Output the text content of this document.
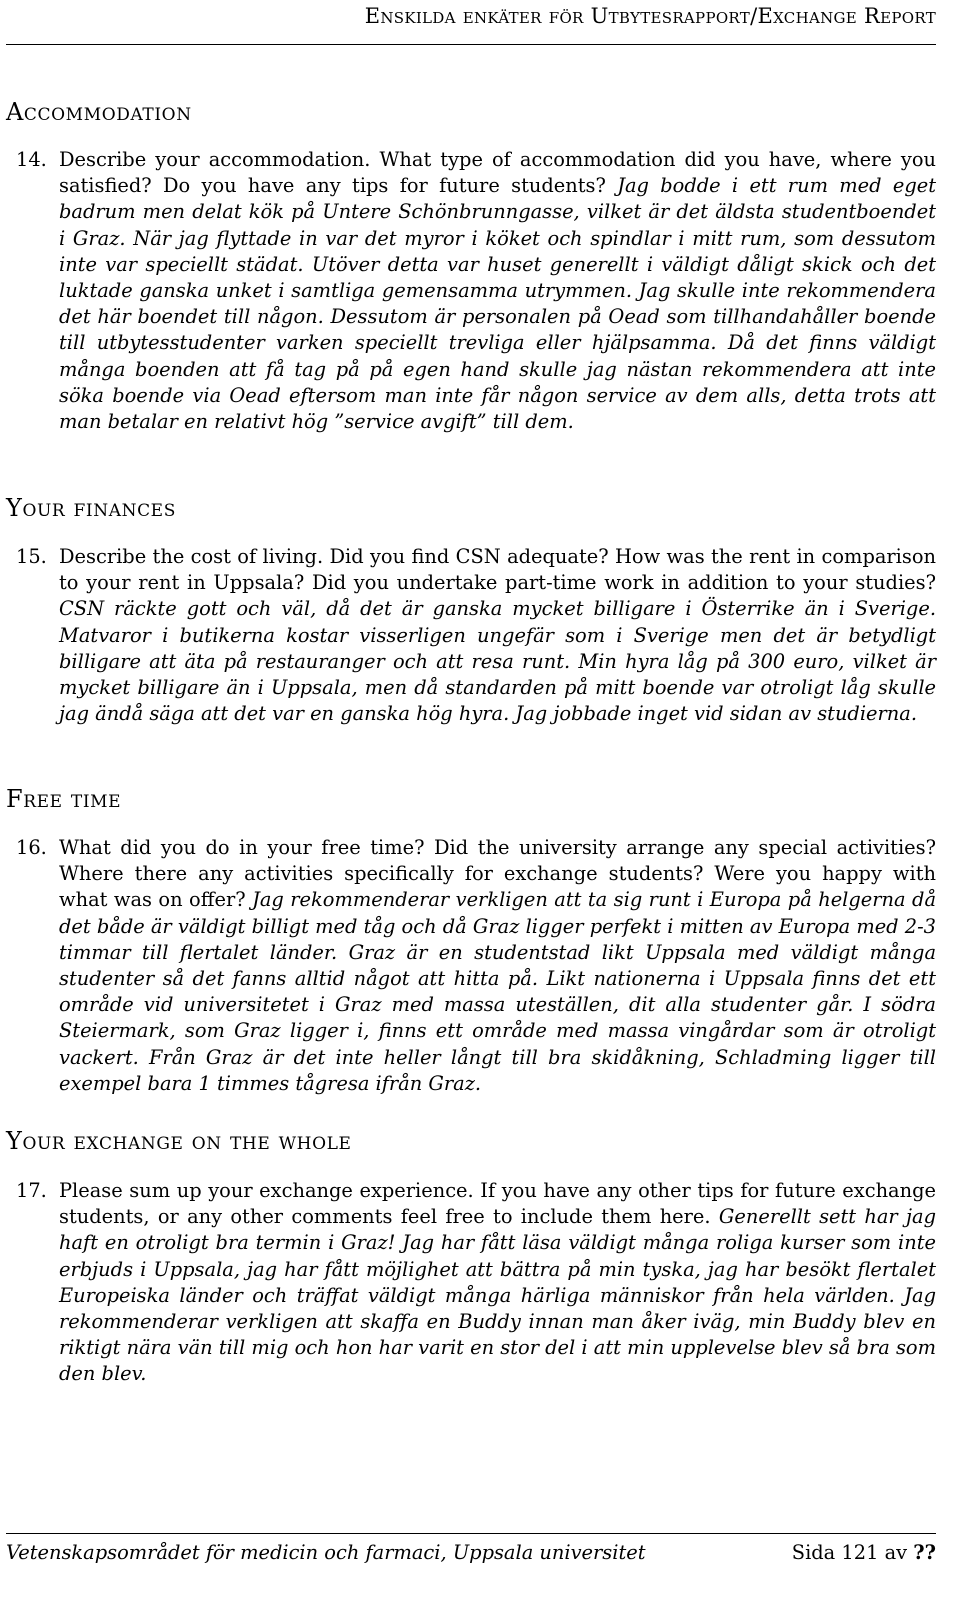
Enskilda enkäter för Utbytesrapport/Exchange Report
Accommodation
14. Describe your accommodation. What type of accommodation did you have, where you satisfied? Do you have any tips for future students? Jag bodde i ett rum med eget badrum men delat kök på Untere Schönbrunngasse, vilket är det äldsta studentboendet i Graz. När jag flyttade in var det myror i köket och spindlar i mitt rum, som dessutom inte var speciellt städat. Utöver detta var huset generellt i väldigt dåligt skick och det luktade ganska unket i samtliga gemensamma utrymmen. Jag skulle inte rekommendera det här boendet till någon. Dessutom är personalen på Oead som tillhandahåller boende till utbytesstudenter varken speciellt trevliga eller hjälpsamma. Då det finns väldigt många boenden att få tag på på egen hand skulle jag nästan rekommendera att inte söka boende via Oead eftersom man inte får någon service av dem alls, detta trots att man betalar en relativt hög ”service avgift” till dem.
Your finances
15. Describe the cost of living. Did you find CSN adequate? How was the rent in comparison to your rent in Uppsala? Did you undertake part-time work in addition to your studies? CSN räckte gott och väl, då det är ganska mycket billigare i Österrike än i Sverige. Matvaror i butikerna kostar visserligen ungefär som i Sverige men det är betydligt billigare att äta på restauranger och att resa runt. Min hyra låg på 300 euro, vilket är mycket billigare än i Uppsala, men då standarden på mitt boende var otroligt låg skulle jag ändå säga att det var en ganska hög hyra. Jag jobbade inget vid sidan av studierna.
Free time
16. What did you do in your free time? Did the university arrange any special activities? Where there any activities specifically for exchange students? Were you happy with what was on offer? Jag rekommenderar verkligen att ta sig runt i Europa på helgerna då det både är väldigt billigt med tåg och då Graz ligger perfekt i mitten av Europa med 2-3 timmar till flertalet länder. Graz är en studentstad likt Uppsala med väldigt många studenter så det fanns alltid något att hitta på. Likt nationerna i Uppsala finns det ett område vid universitetet i Graz med massa uteställen, dit alla studenter går. I södra Steiermark, som Graz ligger i, finns ett område med massa vingårdar som är otroligt vackert. Från Graz är det inte heller långt till bra skidåkning, Schladming ligger till exempel bara 1 timmes tågresa ifrån Graz.
Your exchange on the whole
17. Please sum up your exchange experience. If you have any other tips for future exchange students, or any other comments feel free to include them here. Generellt sett har jag haft en otroligt bra termin i Graz! Jag har fått läsa väldigt många roliga kurser som inte erbjuds i Uppsala, jag har fått möjlighet att bättra på min tyska, jag har besökt flertalet Europeiska länder och träffat väldigt många härliga människor från hela världen. Jag rekommenderar verkligen att skaffa en Buddy innan man åker iväg, min Buddy blev en riktigt nära vän till mig och hon har varit en stor del i att min upplevelse blev så bra som den blev.
Vetenskapsområdet för medicin och farmaci, Uppsala universitet	Sida 121 av ??
